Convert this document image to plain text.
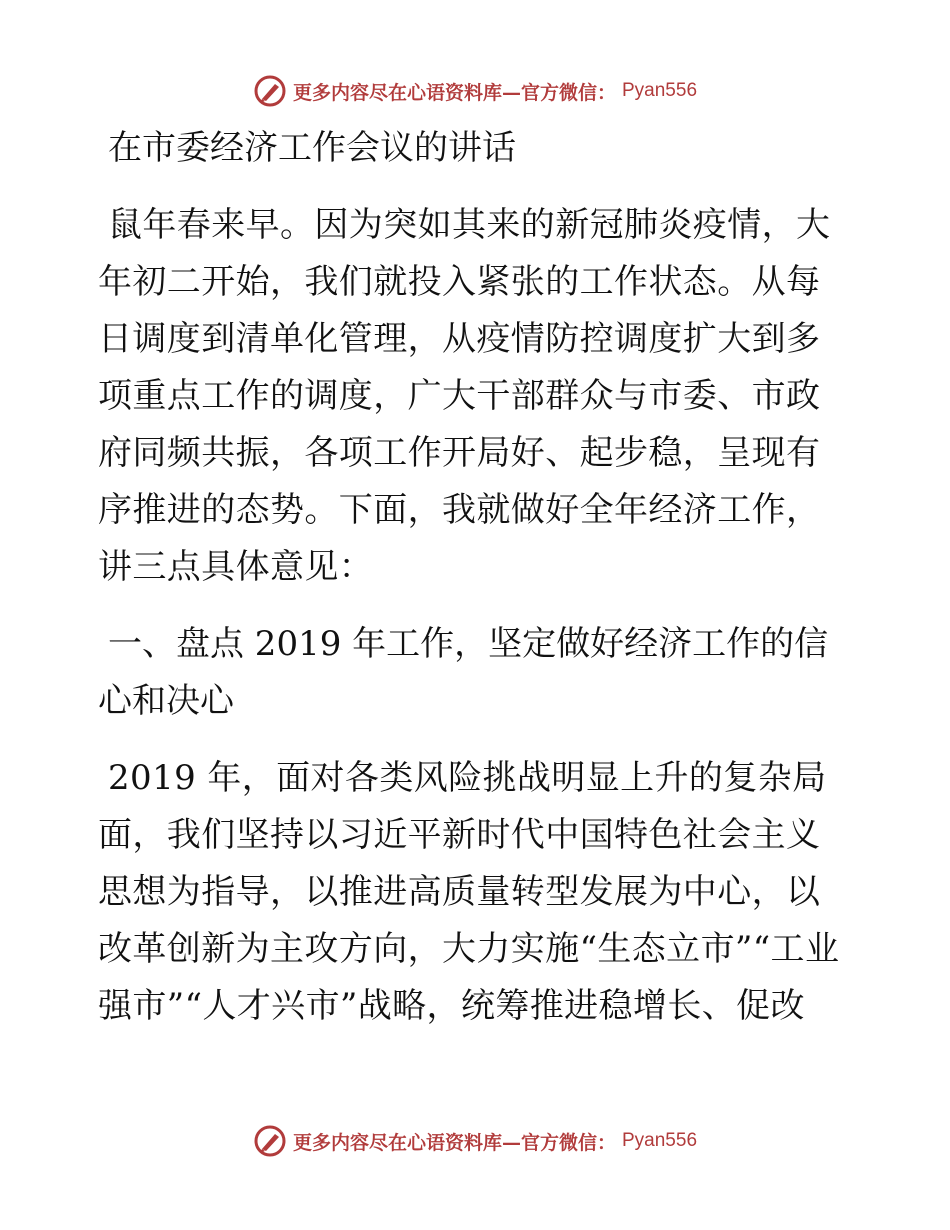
更多内容尽在心语资料库—官方微信： Pyan556

在市委经济工作会议的讲话

鼠年春来早。因为突如其来的新冠肺炎疫情，大年初二开始，我们就投入紧张的工作状态。从每日调度到清单化管理，从疫情防控调度扩大到多项重点工作的调度，广大干部群众与市委、市政府同频共振，各项工作开局好、起步稳，呈现有序推进的态势。下面，我就做好全年经济工作，讲三点具体意见：

一、盘点 2019 年工作，坚定做好经济工作的信心和决心

2019 年，面对各类风险挑战明显上升的复杂局面，我们坚持以习近平新时代中国特色社会主义思想为指导，以推进高质量转型发展为中心，以改革创新为主攻方向，大力实施“生态立市”“工业强市”“人才兴市”战略，统筹推进稳增长、促改

更多内容尽在心语资料库—官方微信： Pyan556
